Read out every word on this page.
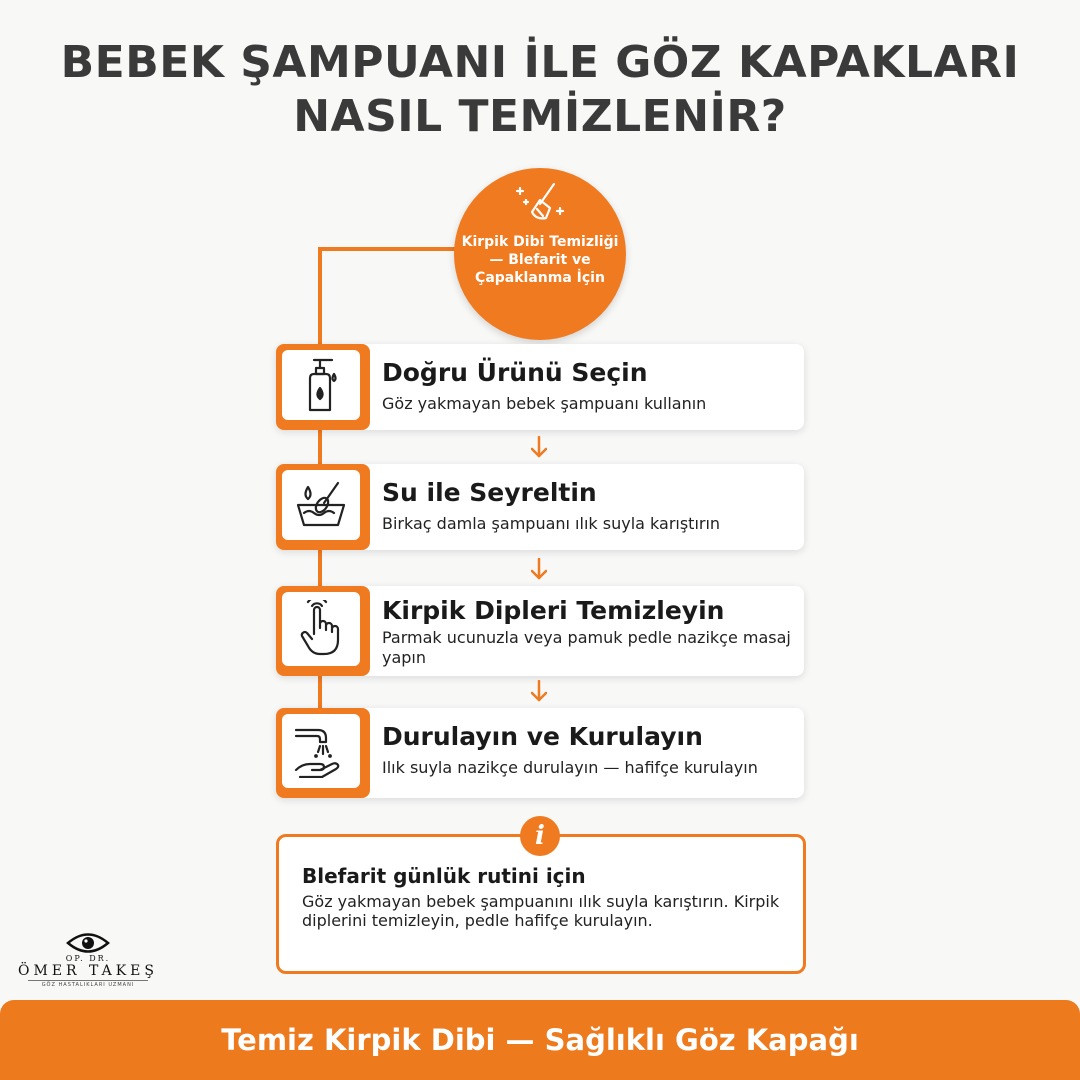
BEBEK ŞAMPUANI İLE GÖZ KAPAKLARI
NASIL TEMİZLENİR?
Kirpik Dibi Temizliği
— Blefarit ve
Çapaklanma İçin
Doğru Ürünü Seçin
Göz yakmayan bebek şampuanı kullanın
Su ile Seyreltin
Birkaç damla şampuanı ılık suyla karıştırın
Kirpik Dipleri Temizleyin
Parmak ucunuzla veya pamuk pedle nazikçe masaj yapın
Durulayın ve Kurulayın
Ilık suyla nazikçe durulayın — hafifçe kurulayın
i
Blefarit günlük rutini için
Göz yakmayan bebek şampuanını ılık suyla karıştırın. Kirpik diplerini temizleyin, pedle hafifçe kurulayın.
OP. DR.
ÖMER TAKEŞ
GÖZ HASTALIKLARI UZMANI
Temiz Kirpik Dibi — Sağlıklı Göz Kapağı
